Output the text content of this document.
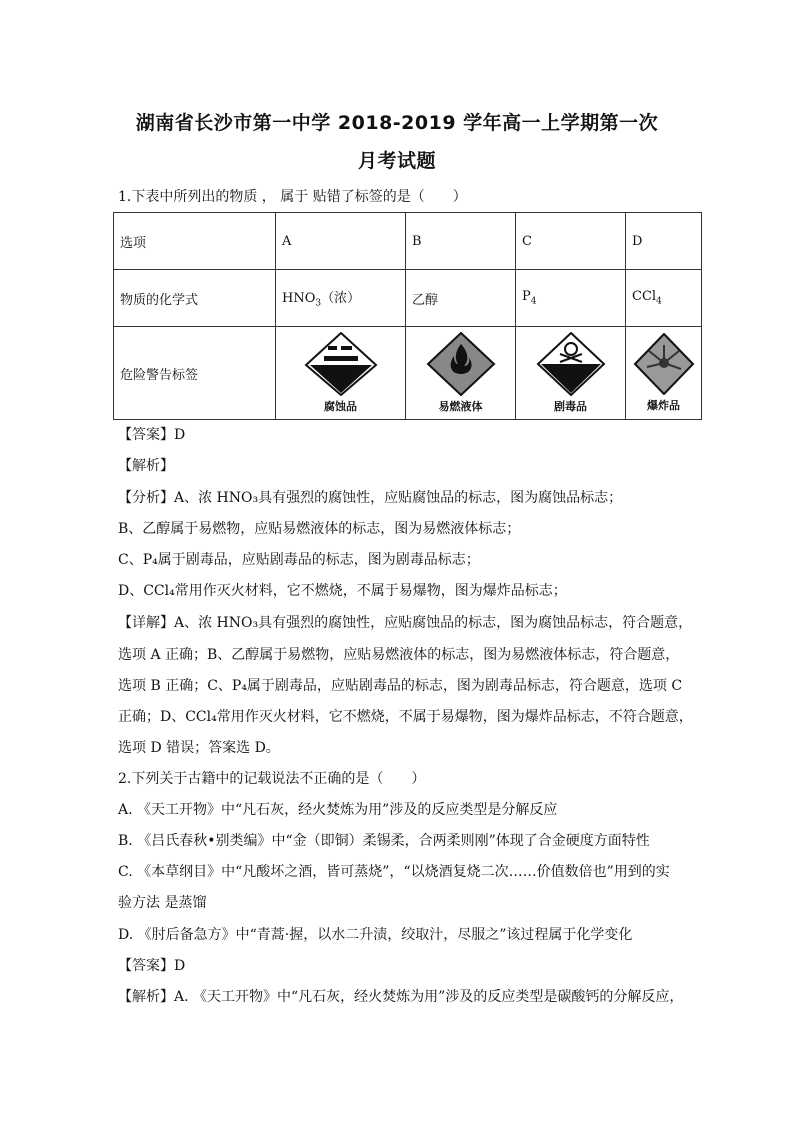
湖南省长沙市第一中学 2018-2019 学年高一上学期第一次
月考试题
1.下表中所列出的物质 ， 属于 贴错了标签的是（　　）
选项	A	B	C	D
物质的化学式	$HNO_3$（浓）	乙醇	$P_4$	CCl$_4$
危险警告标签	腐蚀品	易燃液体	剧毒品	爆炸品
【答案】D
【解析】
【分析】A、浓 HNO₃具有强烈的腐蚀性，应贴腐蚀品的标志，图为腐蚀品标志；
B、乙醇属于易燃物，应贴易燃液体的标志，图为易燃液体标志；
C、P₄属于剧毒品，应贴剧毒品的标志，图为剧毒品标志；
D、CCl₄常用作灭火材料，它不燃烧，不属于易爆物，图为爆炸品标志；
【详解】A、浓 HNO₃具有强烈的腐蚀性，应贴腐蚀品的标志，图为腐蚀品标志，符合题意，
选项 A 正确；B、乙醇属于易燃物，应贴易燃液体的标志，图为易燃液体标志，符合题意，
选项 B 正确；C、P₄属于剧毒品，应贴剧毒品的标志，图为剧毒品标志，符合题意，选项 C
正确；D、CCl₄常用作灭火材料，它不燃烧，不属于易爆物，图为爆炸品标志，不符合题意，
选项 D 错误；答案选 D。
2.下列关于古籍中的记载说法不正确的是（　　）
A. 《天工开物》中“凡石灰，经火焚炼为用”涉及的反应类型是分解反应
B. 《吕氏春秋•别类编》中“金（即铜）柔锡柔，合两柔则刚”体现了合金硬度方面特性
C. 《本草纲目》中“凡酸坏之酒，皆可蒸烧”，“以烧酒复烧二次……价值数倍也”用到的实
验方法 是蒸馏
D. 《肘后备急方》中“青蒿·握，以水二升渍，绞取汁，尽服之”该过程属于化学变化
【答案】D
【解析】A. 《天工开物》中“凡石灰，经火焚炼为用”涉及的反应类型是碳酸钙的分解反应，
